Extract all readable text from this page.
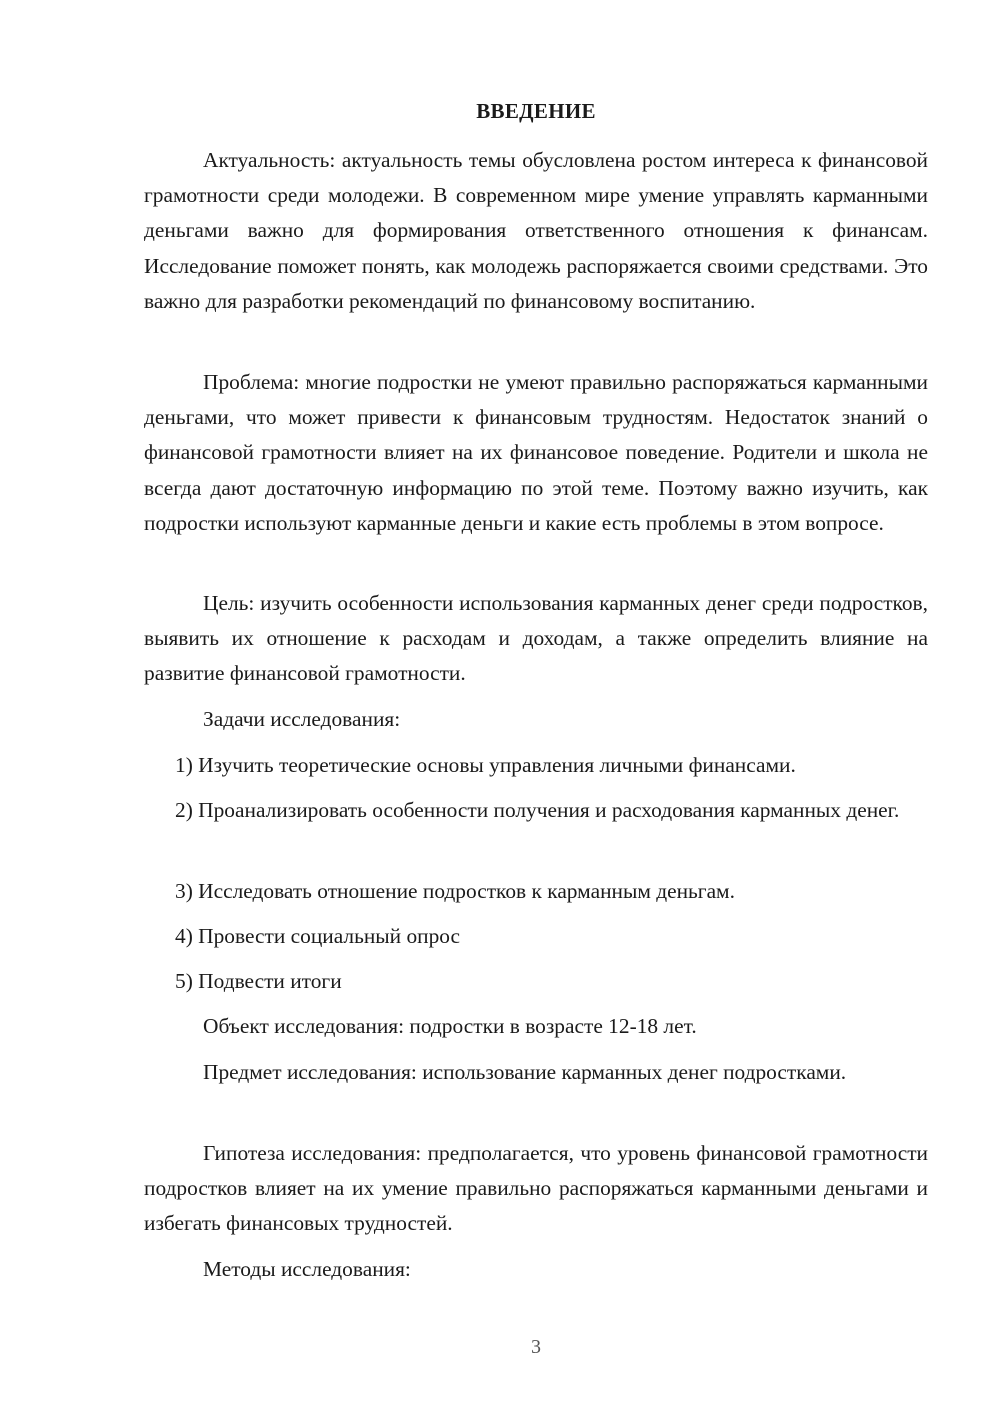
ВВЕДЕНИЕ

Актуальность: актуальность темы обусловлена ростом интереса к финансовой грамотности среди молодежи. В современном мире умение управлять карманными деньгами важно для формирования ответственного отношения к финансам. Исследование поможет понять, как молодежь распоряжается своими средствами. Это важно для разработки рекомендаций по финансовому воспитанию.

Проблема: многие подростки не умеют правильно распоряжаться карманными деньгами, что может привести к финансовым трудностям. Недостаток знаний о финансовой грамотности влияет на их финансовое поведение. Родители и школа не всегда дают достаточную информацию по этой теме. Поэтому важно изучить, как подростки используют карманные деньги и какие есть проблемы в этом вопросе.

Цель: изучить особенности использования карманных денег среди подростков, выявить их отношение к расходам и доходам, а также определить влияние на развитие финансовой грамотности.

Задачи исследования:

1) Изучить теоретические основы управления личными финансами.

2) Проанализировать особенности получения и расходования карманных денег.

3) Исследовать отношение подростков к карманным деньгам.

4) Провести социальный опрос

5) Подвести итоги

Объект исследования: подростки в возрасте 12-18 лет.

Предмет исследования: использование карманных денег подростками.

Гипотеза исследования: предполагается, что уровень финансовой грамотности подростков влияет на их умение правильно распоряжаться карманными деньгами и избегать финансовых трудностей.

Методы исследования:

3
